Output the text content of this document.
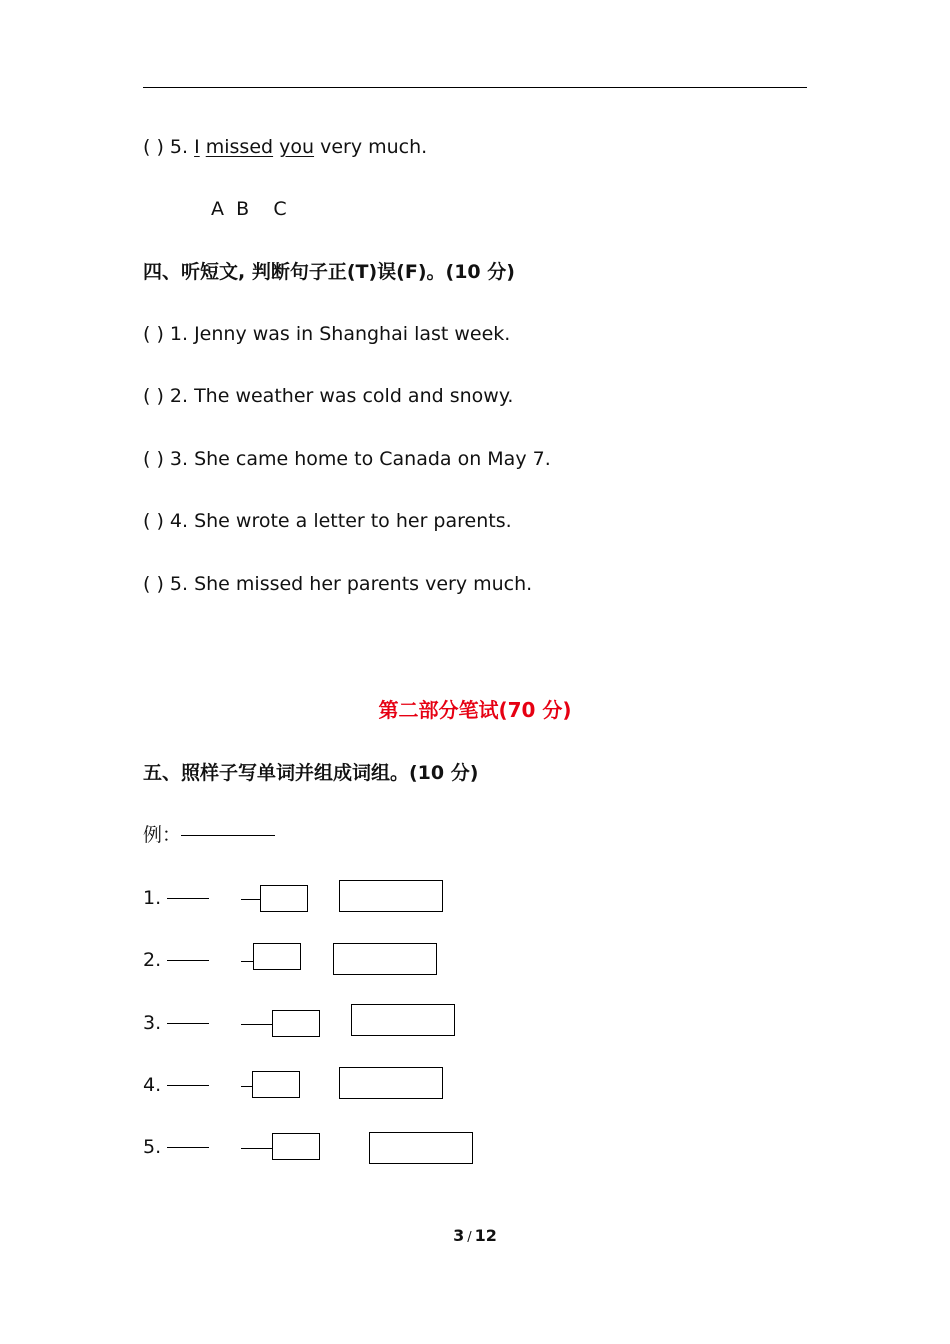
( ) 5. I missed you very much.
A B C
四、听短文, 判断句子正(T)误(F)。(10 分)
( ) 1. Jenny was in Shanghai last week.
( ) 2. The weather was cold and snowy.
( ) 3. She came home to Canada on May 7.
( ) 4. She wrote a letter to her parents.
( ) 5. She missed her parents very much.
第二部分笔试(70 分)
五、照样子写单词并组成词组。(10 分)
例：
1.
2.
3.
4.
5.
3 / 12
